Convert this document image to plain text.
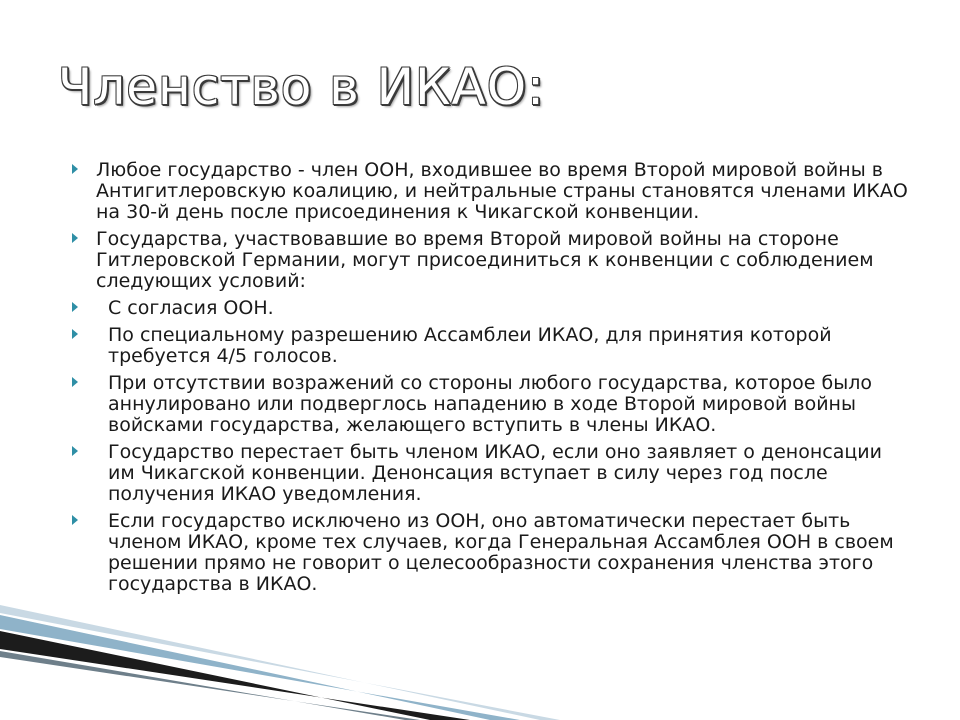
Членство в ИКАО:
Любое государство - член ООН, входившее во время Второй мировой войны в Антигитлеровскую коалицию, и нейтральные страны становятся членами ИКАО на 30-й день после присоединения к Чикагской конвенции.
Государства, участвовавшие во время Второй мировой войны на стороне Гитлеровской Германии, могут присоединиться к конвенции с соблюдением следующих условий:
С согласия ООН.
По специальному разрешению Ассамблеи ИКАО, для принятия которой требуется 4/5 голосов.
При отсутствии возражений со стороны любого государства, которое было аннулировано или подверглось нападению в ходе Второй мировой войны войсками государства, желающего вступить в члены ИКАО.
Государство перестает быть членом ИКАО, если оно заявляет о денонсации им Чикагской конвенции. Денонсация вступает в силу через год после получения ИКАО уведомления.
Если государство исключено из ООН, оно автоматически перестает быть членом ИКАО, кроме тех случаев, когда Генеральная Ассамблея ООН в своем решении прямо не говорит о целесообразности сохранения членства этого государства в ИКАО.
